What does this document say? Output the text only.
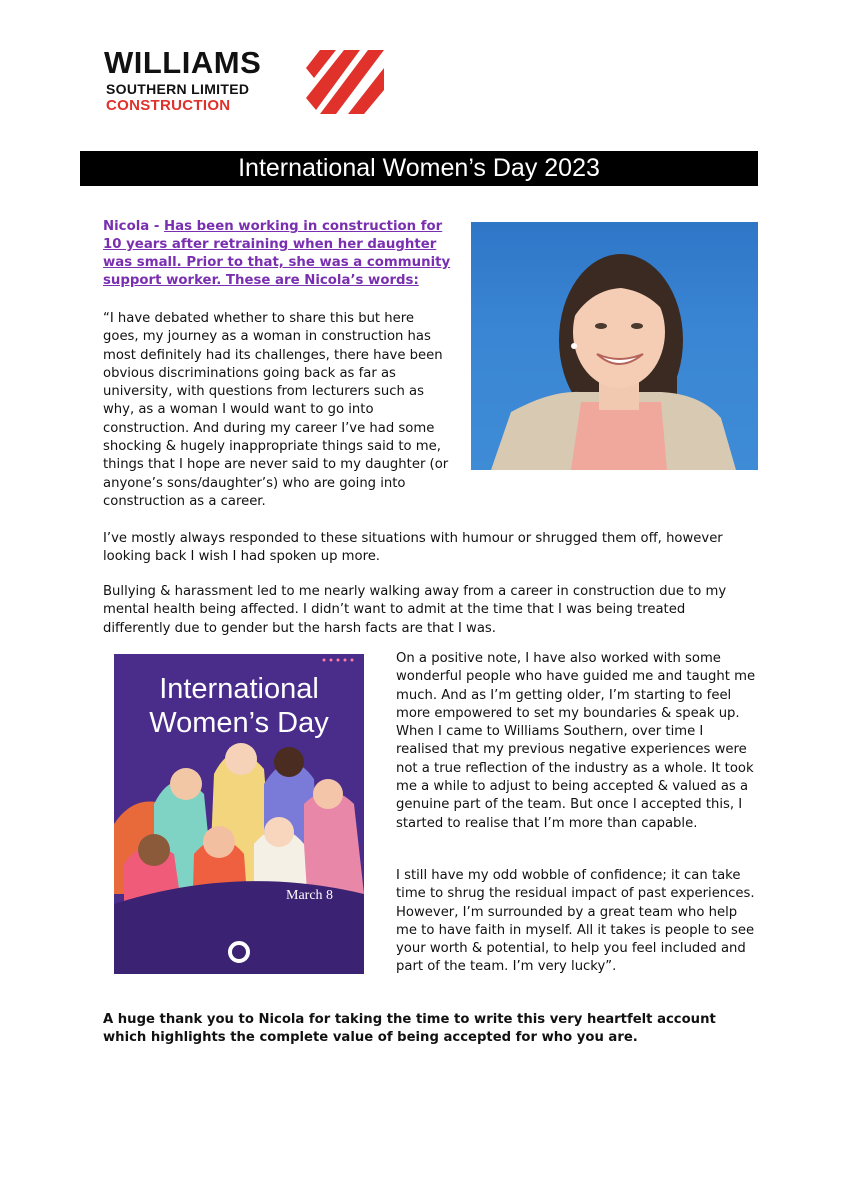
WILLIAMS
SOUTHERN LIMITED
CONSTRUCTION
International Women’s Day 2023
Nicola - Has been working in construction for 10 years after retraining when her daughter was small. Prior to that, she was a community support worker. These are Nicola’s words:
“I have debated whether to share this but here goes, my journey as a woman in construction has most definitely had its challenges, there have been obvious discriminations going back as far as university, with questions from lecturers such as why, as a woman I would want to go into construction. And during my career I’ve had some shocking & hugely inappropriate things said to me, things that I hope are never said to my daughter (or anyone’s sons/daughter’s) who are going into construction as a career.
I’ve mostly always responded to these situations with humour or shrugged them off, however looking back I wish I had spoken up more.
Bullying & harassment led to me nearly walking away from a career in construction due to my mental health being affected. I didn’t want to admit at the time that I was being treated differently due to gender but the harsh facts are that I was.
International
Women’s Day
March 8
On a positive note, I have also worked with some wonderful people who have guided me and taught me much. And as I’m getting older, I’m starting to feel more empowered to set my boundaries & speak up. When I came to Williams Southern, over time I realised that my previous negative experiences were not a true reflection of the industry as a whole. It took me a while to adjust to being accepted & valued as a genuine part of the team. But once I accepted this, I started to realise that I’m more than capable.
I still have my odd wobble of confidence; it can take time to shrug the residual impact of past experiences. However, I’m surrounded by a great team who help me to have faith in myself. All it takes is people to see your worth & potential, to help you feel included and part of the team. I’m very lucky”.
A huge thank you to Nicola for taking the time to write this very heartfelt account which highlights the complete value of being accepted for who you are.
